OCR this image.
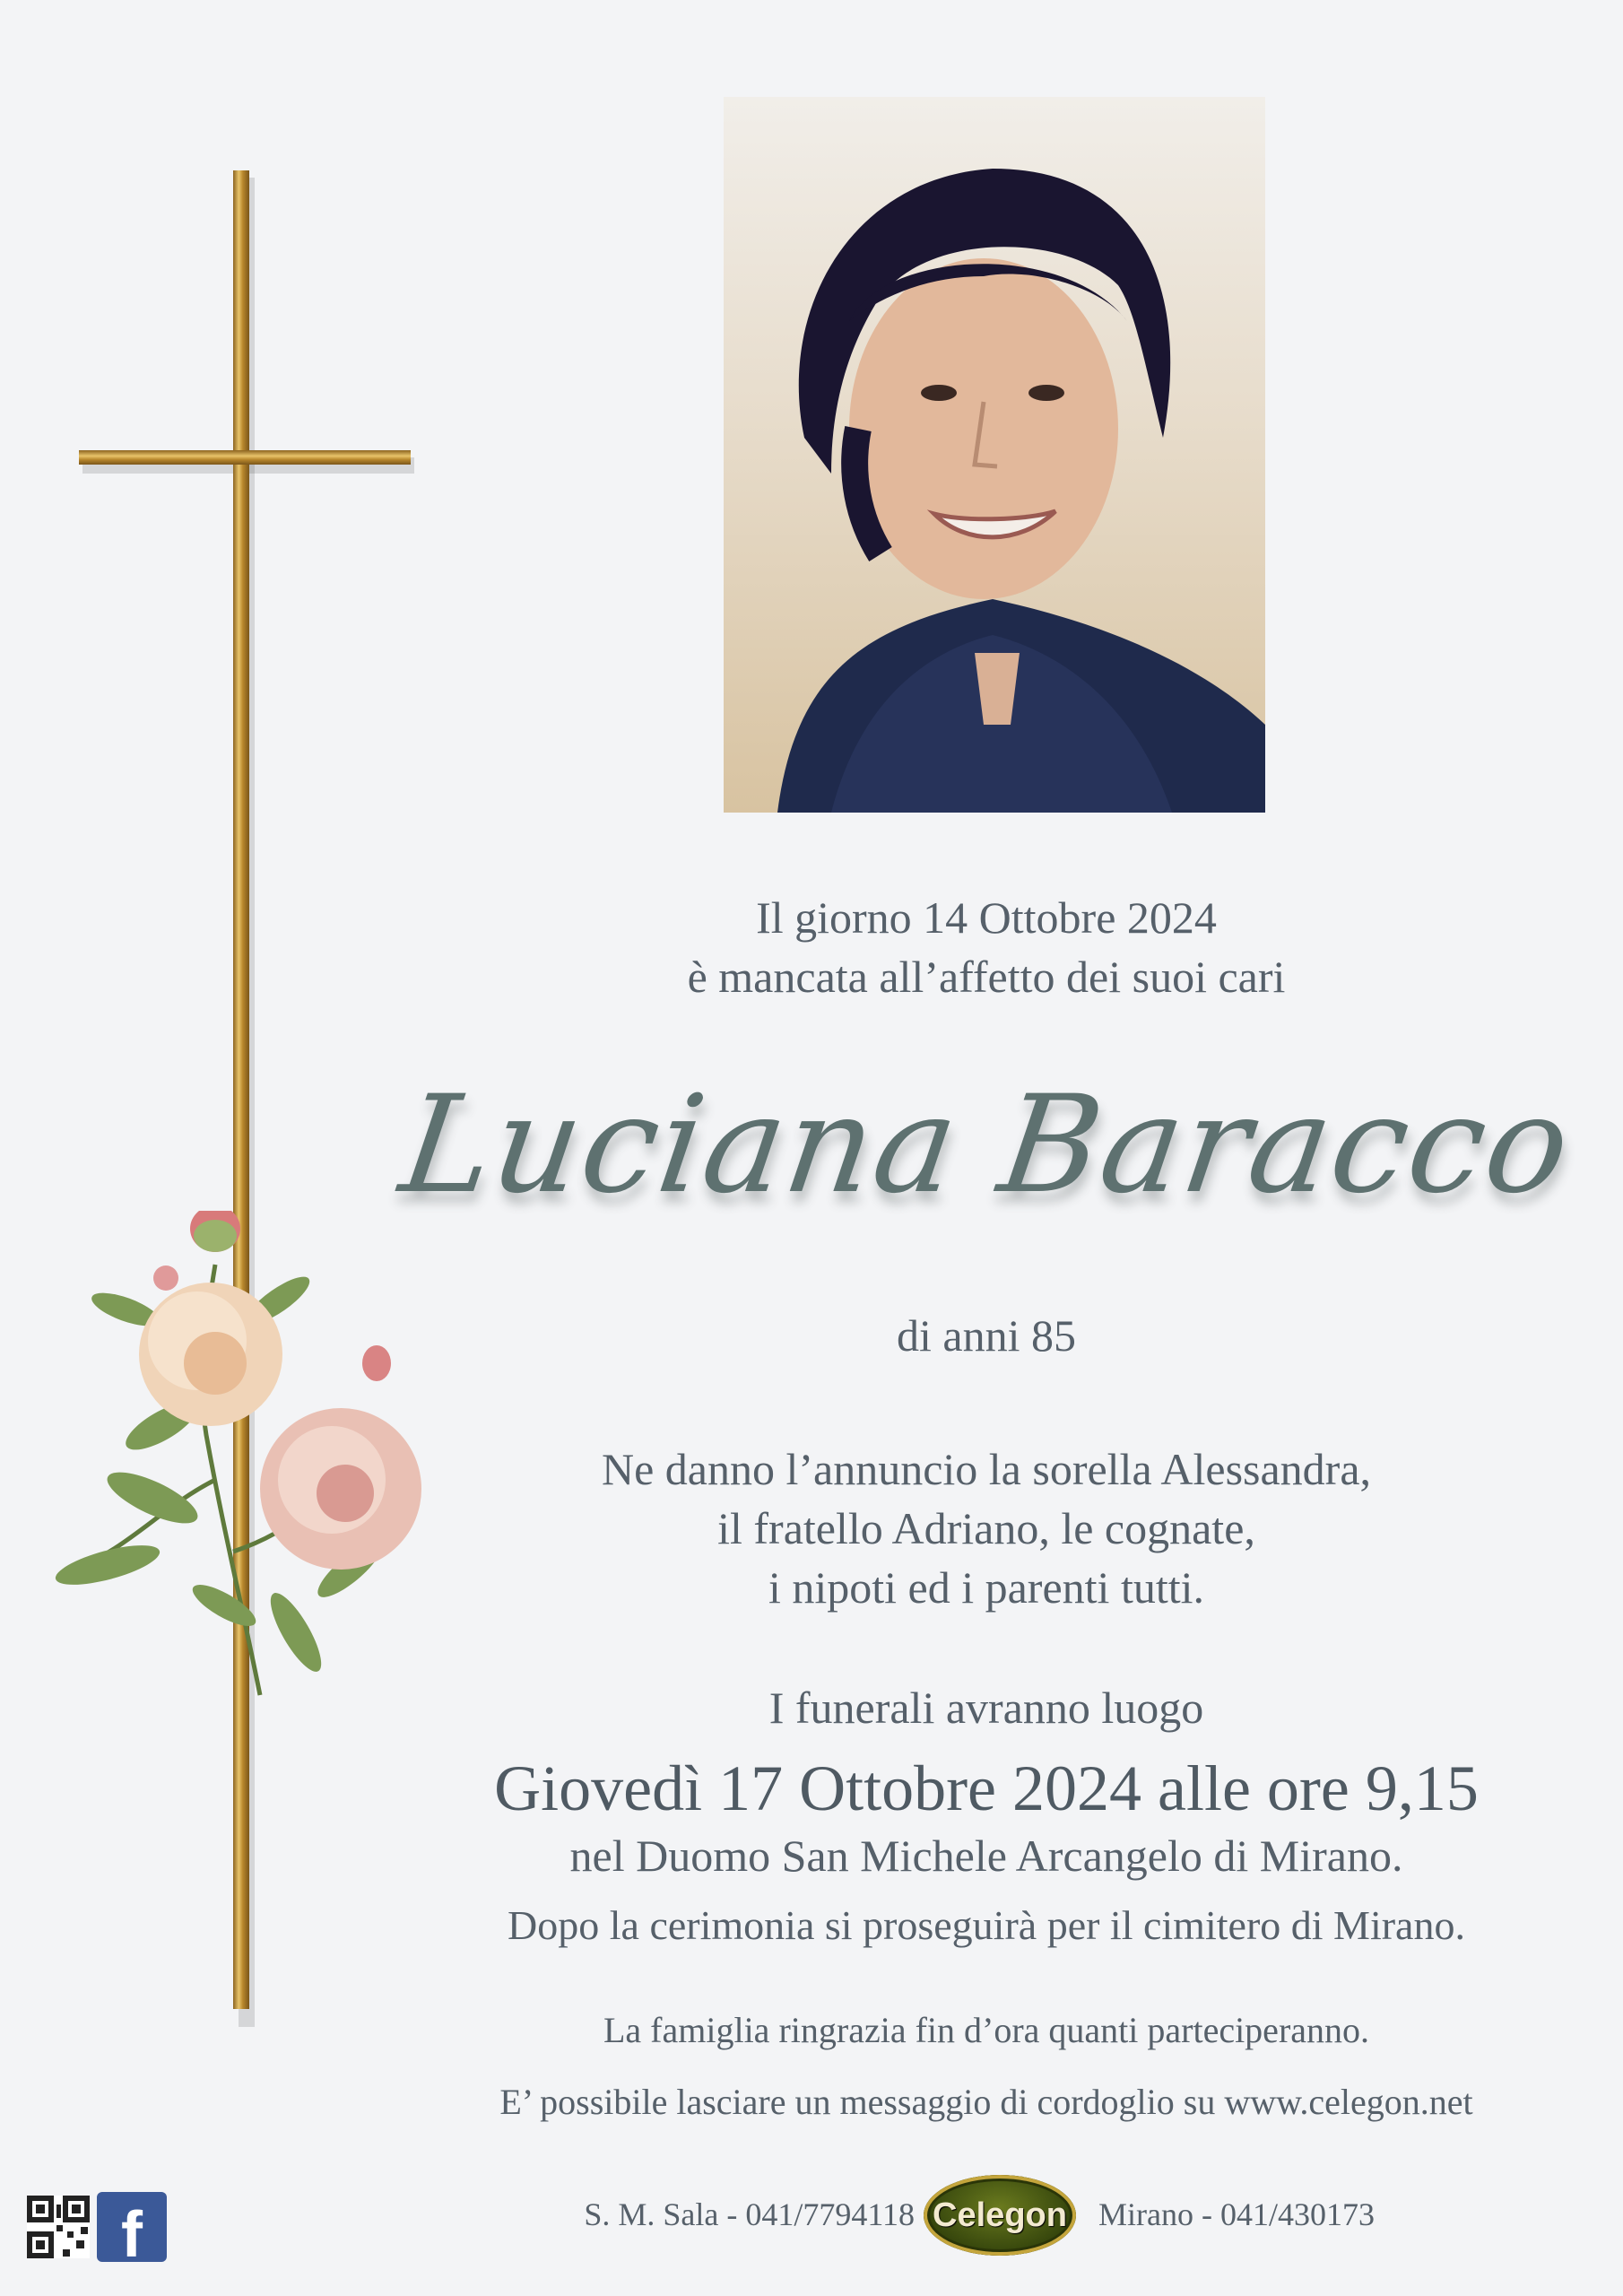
Il giorno 14 Ottobre 2024
è mancata all’affetto dei suoi cari
Luciana Baracco
di anni 85
Ne danno l’annuncio la sorella Alessandra,
il fratello Adriano, le cognate,
i nipoti ed i parenti tutti.
I funerali avranno luogo
Giovedì 17 Ottobre 2024 alle ore 9,15
nel Duomo San Michele Arcangelo di Mirano.
Dopo la cerimonia si proseguirà per il cimitero di Mirano.
La famiglia ringrazia fin d’ora quanti parteciperanno.
E’ possibile lasciare un messaggio di cordoglio su www.celegon.net
f	S. M. Sala - 041/7794118 Celegon Mirano - 041/430173
